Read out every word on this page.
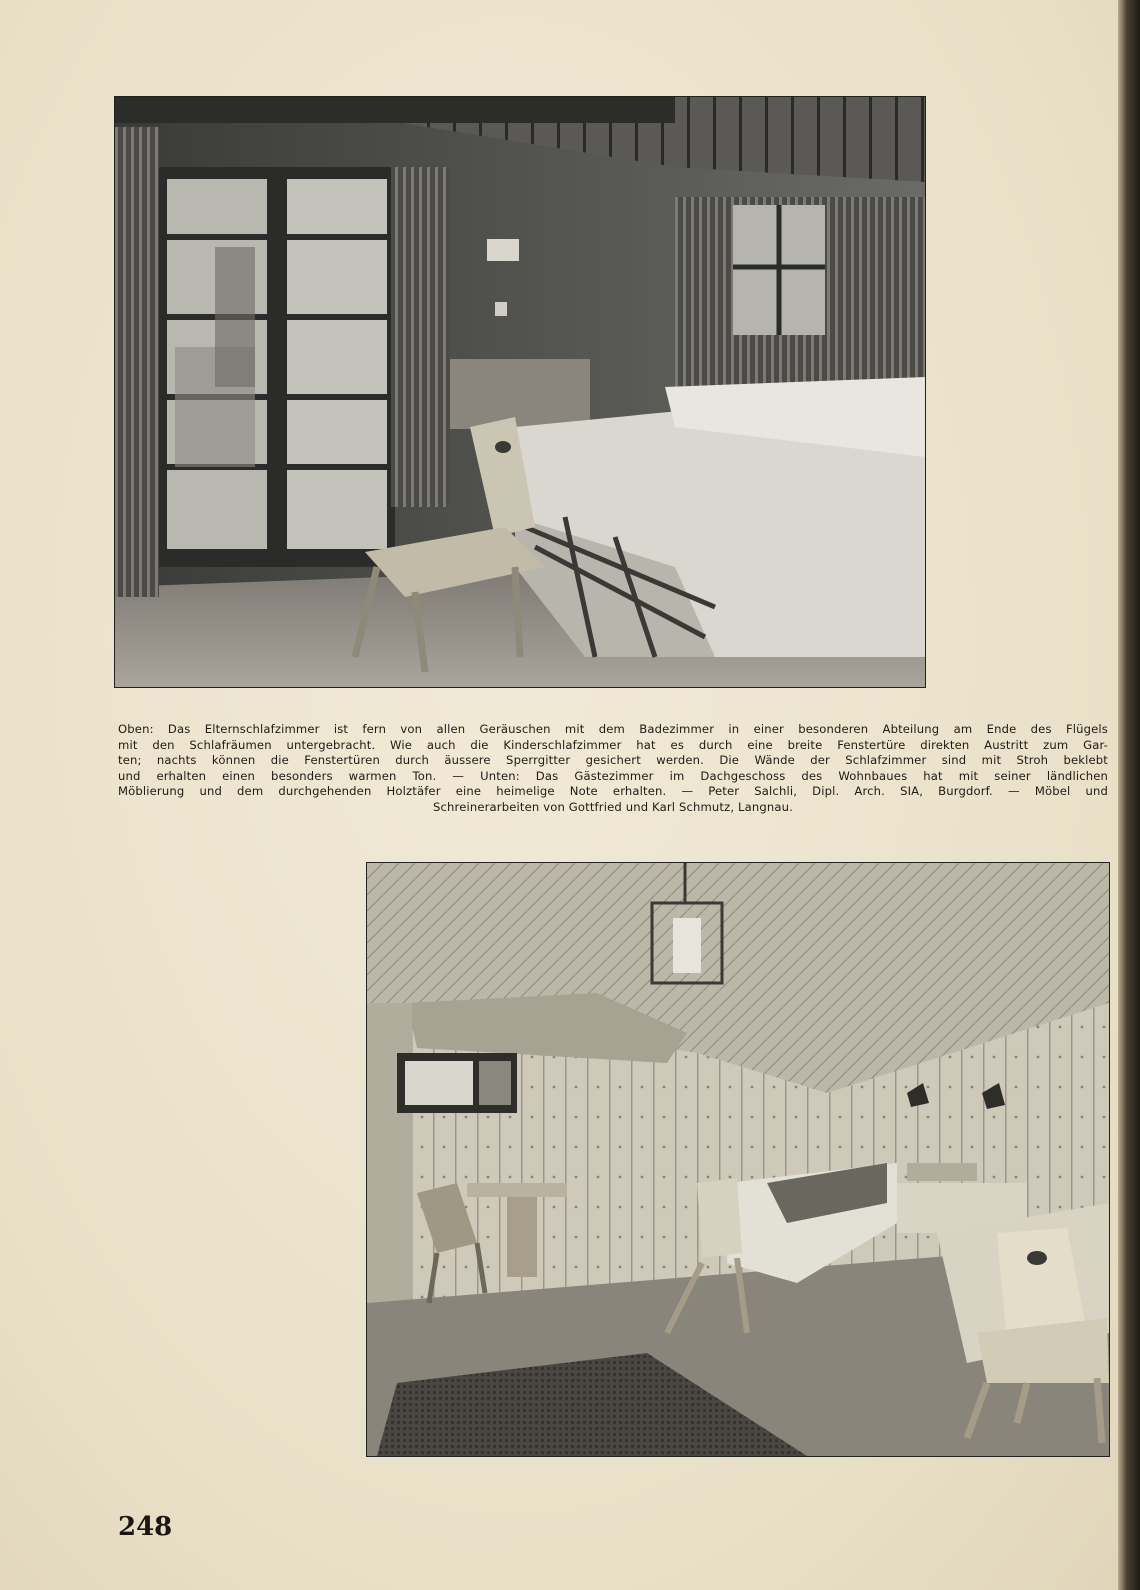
Oben: Das Elternschlafzimmer ist fern von allen Geräuschen mit dem Badezimmer in einer besonderen Abteilung am Ende des Flügels
mit den Schlafräumen untergebracht. Wie auch die Kinderschlafzimmer hat es durch eine breite Fenstertüre direkten Austritt zum Gar-
ten; nachts können die Fenstertüren durch äussere Sperrgitter gesichert werden. Die Wände der Schlafzimmer sind mit Stroh beklebt
und erhalten einen besonders warmen Ton. — Unten: Das Gästezimmer im Dachgeschoss des Wohnbaues hat mit seiner ländlichen
Möblierung und dem durchgehenden Holztäfer eine heimelige Note erhalten. — Peter Salchli, Dipl. Arch. SIA, Burgdorf. — Möbel und
Schreinerarbeiten von Gottfried und Karl Schmutz, Langnau.
248
